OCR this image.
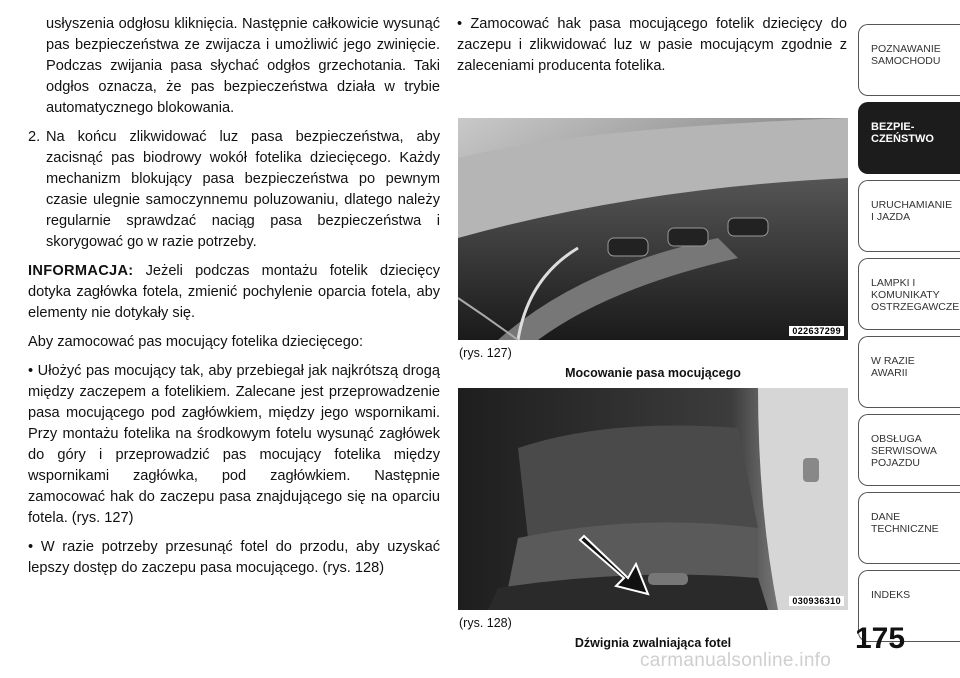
usłyszenia odgłosu kliknięcia. Następnie całkowicie wysunąć pas bezpieczeństwa ze zwijacza i umożliwić jego zwinięcie. Podczas zwijania pasa słychać odgłos grzechotania. Taki odgłos oznacza, że pas bezpieczeństwa działa w trybie automatycznego blokowania.

2. Na końcu zlikwidować luz pasa bezpieczeństwa, aby zacisnąć pas biodrowy wokół fotelika dziecięcego. Każdy mechanizm blokujący pasa bezpieczeństwa po pewnym czasie ulegnie samoczynnemu poluzowaniu, dlatego należy regularnie sprawdzać naciąg pasa bezpieczeństwa i skorygować go w razie potrzeby.

INFORMACJA: Jeżeli podczas montażu fotelik dziecięcy dotyka zagłówka fotela, zmienić pochylenie oparcia fotela, aby elementy nie dotykały się.

Aby zamocować pas mocujący fotelika dziecięcego:

• Ułożyć pas mocujący tak, aby przebiegał jak najkrótszą drogą między zaczepem a fotelikiem. Zalecane jest przeprowadzenie pasa mocującego pod zagłówkiem, między jego wspornikami. Przy montażu fotelika na środkowym fotelu wysunąć zagłówek do góry i przeprowadzić pas mocujący fotelika między wspornikami zagłówka, pod zagłówkiem. Następnie zamocować hak do zaczepu pasa znajdującego się na oparciu fotela. (rys. 127)

• W razie potrzeby przesunąć fotel do przodu, aby uzyskać lepszy dostęp do zaczepu pasa mocującego. (rys. 128)

• Zamocować hak pasa mocującego fotelik dziecięcy do zaczepu i zlikwidować luz w pasie mocującym zgodnie z zaleceniami producenta fotelika.

022637299
(rys. 127)
Mocowanie pasa mocującego
030936310
(rys. 128)
Dźwignia zwalniająca fotel
POZNAWANIE
SAMOCHODU
BEZPIE-
CZEŃSTWO
URUCHAMIANIE
I JAZDA
LAMPKI I
KOMUNIKATY
OSTRZEGAWCZE
W RAZIE
AWARII
OBSŁUGA
SERWISOWA
POJAZDU
DANE
TECHNICZNE
INDEKS
175
carmanualsonline.info
